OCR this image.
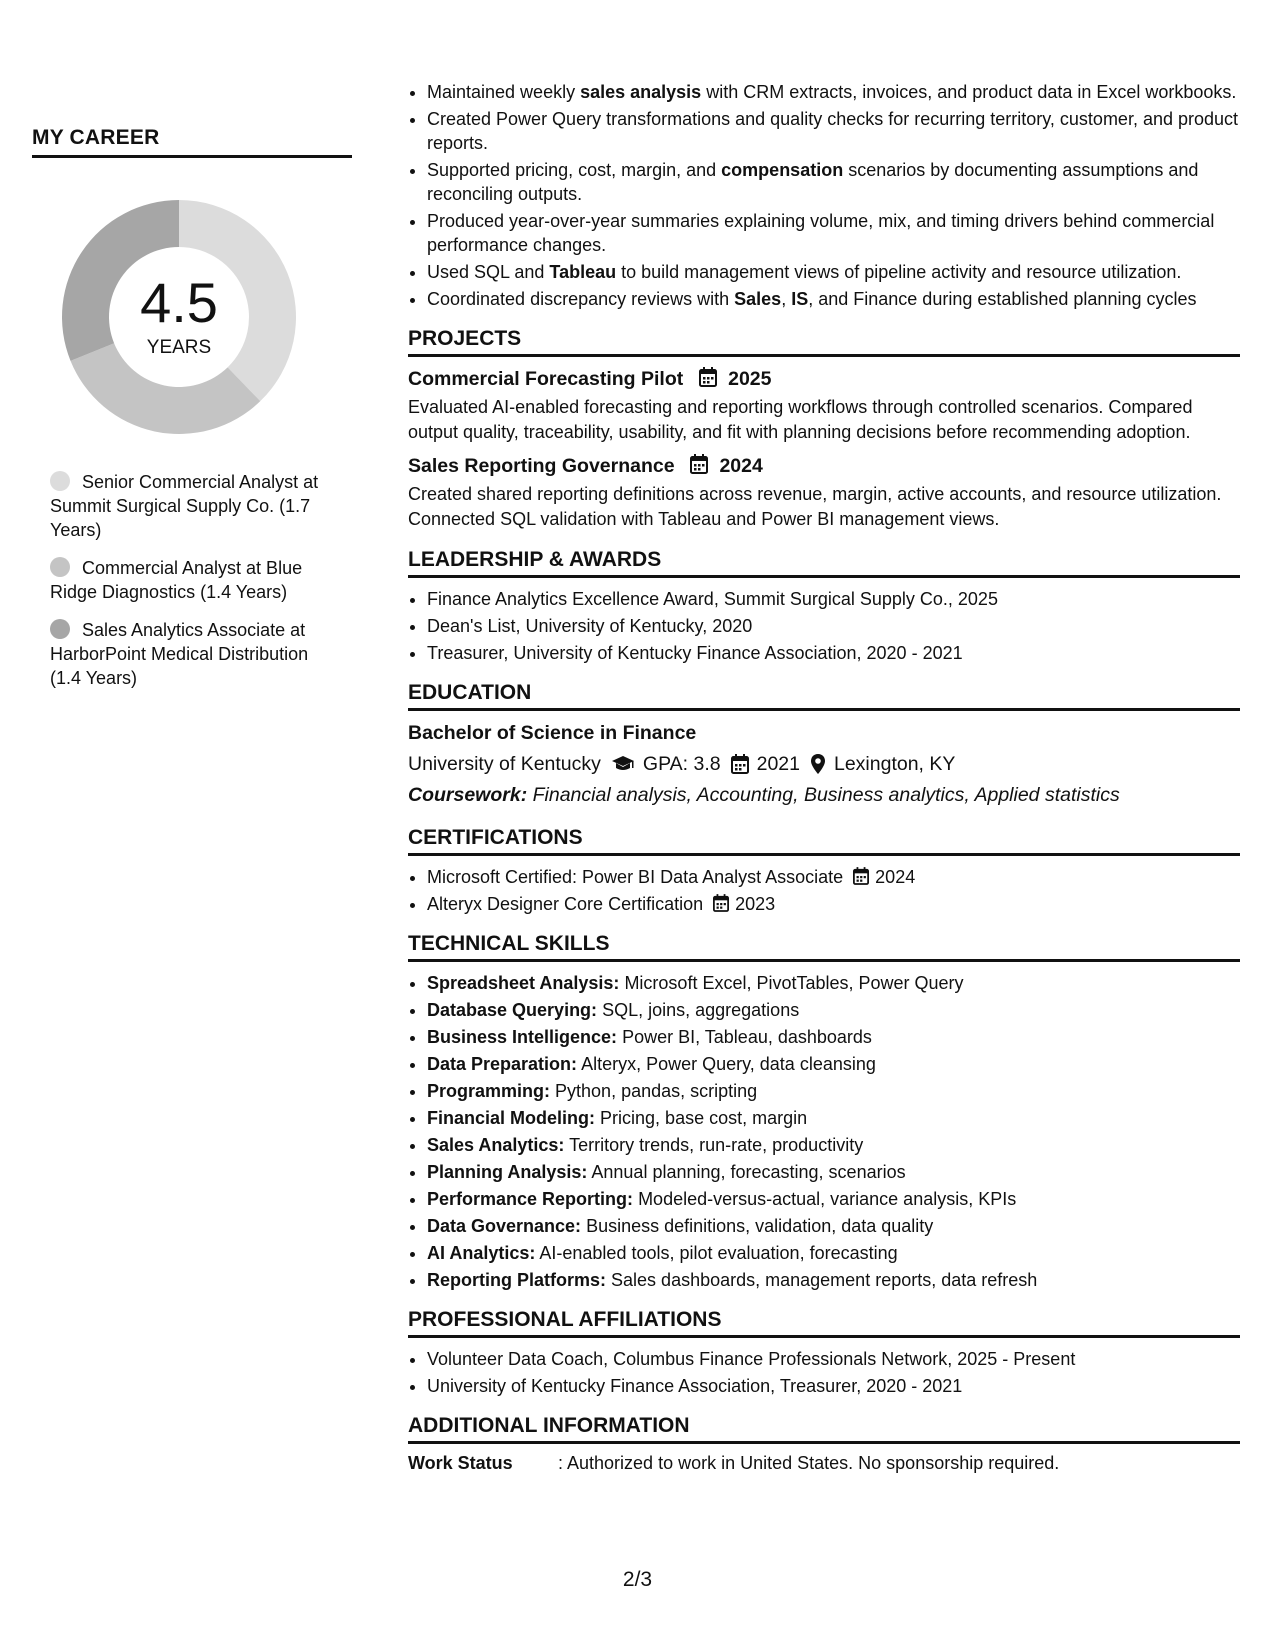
MY CAREER
4.5
YEARS
Senior Commercial Analyst at Summit Surgical Supply Co. (1.7 Years)
Commercial Analyst at Blue Ridge Diagnostics (1.4 Years)
Sales Analytics Associate at HarborPoint Medical Distribution (1.4 Years)
• Maintained weekly sales analysis with CRM extracts, invoices, and product data in Excel workbooks.
• Created Power Query transformations and quality checks for recurring territory, customer, and product reports.
• Supported pricing, cost, margin, and compensation scenarios by documenting assumptions and reconciling outputs.
• Produced year-over-year summaries explaining volume, mix, and timing drivers behind commercial performance changes.
• Used SQL and Tableau to build management views of pipeline activity and resource utilization.
• Coordinated discrepancy reviews with Sales, IS, and Finance during established planning cycles
PROJECTS
Commercial Forecasting Pilot 2025
Evaluated AI-enabled forecasting and reporting workflows through controlled scenarios. Compared output quality, traceability, usability, and fit with planning decisions before recommending adoption.
Sales Reporting Governance 2024
Created shared reporting definitions across revenue, margin, active accounts, and resource utilization. Connected SQL validation with Tableau and Power BI management views.
LEADERSHIP & AWARDS
• Finance Analytics Excellence Award, Summit Surgical Supply Co., 2025
• Dean's List, University of Kentucky, 2020
• Treasurer, University of Kentucky Finance Association, 2020 - 2021
EDUCATION
Bachelor of Science in Finance
University of Kentucky GPA: 3.8 2021 Lexington, KY
Coursework: Financial analysis, Accounting, Business analytics, Applied statistics
CERTIFICATIONS
• Microsoft Certified: Power BI Data Analyst Associate 2024
• Alteryx Designer Core Certification 2023
TECHNICAL SKILLS
• Spreadsheet Analysis: Microsoft Excel, PivotTables, Power Query
• Database Querying: SQL, joins, aggregations
• Business Intelligence: Power BI, Tableau, dashboards
• Data Preparation: Alteryx, Power Query, data cleansing
• Programming: Python, pandas, scripting
• Financial Modeling: Pricing, base cost, margin
• Sales Analytics: Territory trends, run-rate, productivity
• Planning Analysis: Annual planning, forecasting, scenarios
• Performance Reporting: Modeled-versus-actual, variance analysis, KPIs
• Data Governance: Business definitions, validation, data quality
• AI Analytics: AI-enabled tools, pilot evaluation, forecasting
• Reporting Platforms: Sales dashboards, management reports, data refresh
PROFESSIONAL AFFILIATIONS
• Volunteer Data Coach, Columbus Finance Professionals Network, 2025 - Present
• University of Kentucky Finance Association, Treasurer, 2020 - 2021
ADDITIONAL INFORMATION
Work Status	: Authorized to work in United States. No sponsorship required.
2/3
